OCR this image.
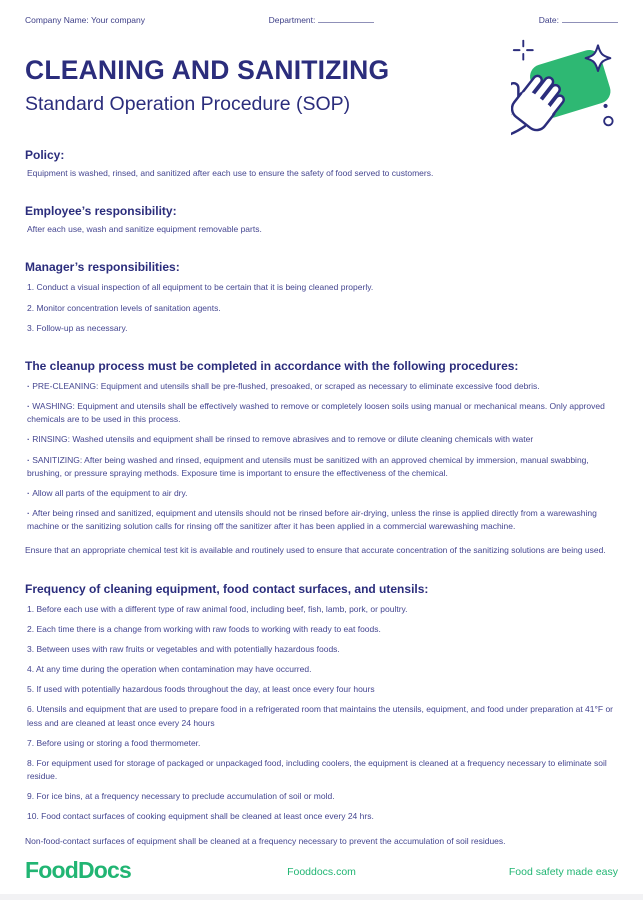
Company Name: Your company	Department:	Date:
CLEANING AND SANITIZING
Standard Operation Procedure (SOP)
Policy:

Equipment is washed, rinsed, and sanitized after each use to ensure the safety of food served to customers.

Employee’s responsibility:

After each use, wash and sanitize equipment removable parts.

Manager’s responsibilities:
1. Conduct a visual inspection of all equipment to be certain that it is being cleaned properly.
2. Monitor concentration levels of sanitation agents.
3. Follow-up as necessary.
The cleanup process must be completed in accordance with the following procedures:
· PRE-CLEANING: Equipment and utensils shall be pre-flushed, presoaked, or scraped as necessary to eliminate excessive food debris.
· WASHING: Equipment and utensils shall be effectively washed to remove or completely loosen soils using manual or mechanical means. Only approved chemicals are to be used in this process.
· RINSING: Washed utensils and equipment shall be rinsed to remove abrasives and to remove or dilute cleaning chemicals with water
· SANITIZING: After being washed and rinsed, equipment and utensils must be sanitized with an approved chemical by immersion, manual swabbing, brushing, or pressure spraying methods. Exposure time is important to ensure the effectiveness of the chemical.
· Allow all parts of the equipment to air dry.
· After being rinsed and sanitized, equipment and utensils should not be rinsed before air-drying, unless the rinse is applied directly from a warewashing machine or the sanitizing solution calls for rinsing off the sanitizer after it has been applied in a commercial warewashing machine.

Ensure that an appropriate chemical test kit is available and routinely used to ensure that accurate concentration of the sanitizing solutions are being used.

Frequency of cleaning equipment, food contact surfaces, and utensils:
1. Before each use with a different type of raw animal food, including beef, fish, lamb, pork, or poultry.
2. Each time there is a change from working with raw foods to working with ready to eat foods.
3. Between uses with raw fruits or vegetables and with potentially hazardous foods.
4. At any time during the operation when contamination may have occurred.
5. If used with potentially hazardous foods throughout the day, at least once every four hours
6. Utensils and equipment that are used to prepare food in a refrigerated room that maintains the utensils, equipment, and food under preparation at 41°F or less and are cleaned at least once every 24 hours
7. Before using or storing a food thermometer.
8. For equipment used for storage of packaged or unpackaged food, including coolers, the equipment is cleaned at a frequency necessary to eliminate soil residue.
9. For ice bins, at a frequency necessary to preclude accumulation of soil or mold.
10. Food contact surfaces of cooking equipment shall be cleaned at least once every 24 hrs.

Non-food-contact surfaces of equipment shall be cleaned at a frequency necessary to prevent the accumulation of soil residues.

FoodDocs	Fooddocs.com	Food safety made easy
